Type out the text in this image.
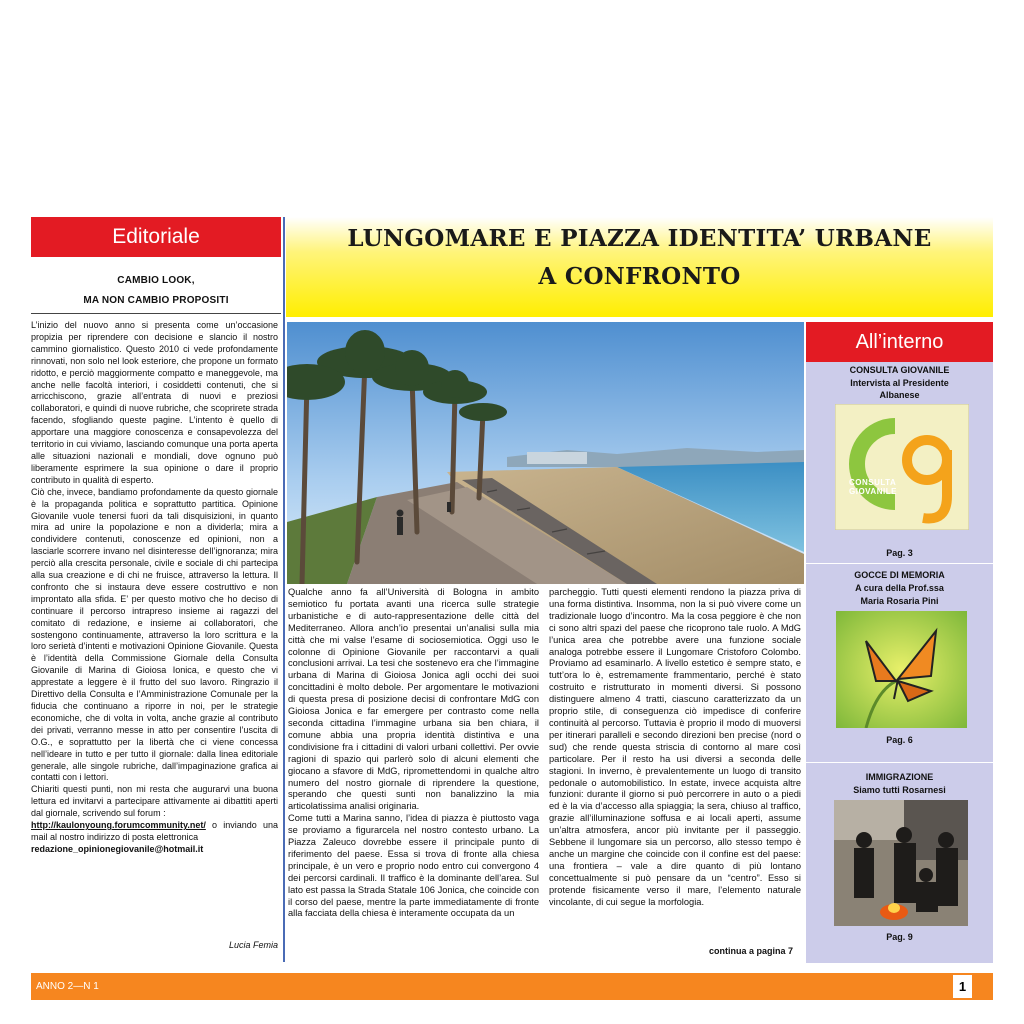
Editoriale
CAMBIO LOOK,
MA NON CAMBIO PROPOSITI

L’inizio del nuovo anno si presenta come un’occasione propizia per riprendere con decisione e slancio il nostro cammino giornalistico. Questo 2010 ci vede profondamente rinnovati, non solo nel look esteriore, che propone un formato ridotto, e perciò maggiormente compatto e maneggevole, ma anche nelle facoltà interiori, i cosiddetti contenuti, che si arricchiscono, grazie all’entrata di nuovi e preziosi collaboratori, e quindi di nuove rubriche, che scoprirete strada facendo, sfogliando queste pagine. L’intento è quello di apportare una maggiore conoscenza e consapevolezza del territorio in cui viviamo, lasciando comunque una porta aperta alle situazioni nazionali e mondiali, dove ognuno può liberamente esprimere la sua opinione o dare il proprio contributo in qualità di esperto.

Ciò che, invece, bandiamo profondamente da questo giornale è la propaganda politica e soprattutto partitica. Opinione Giovanile vuole tenersi fuori da tali disquisizioni, in quanto mira ad unire la popolazione e non a dividerla; mira a condividere contenuti, conoscenze ed opinioni, non a lasciarle scorrere invano nel disinteresse dell’ignoranza; mira perciò alla crescita personale, civile e sociale di chi partecipa alla sua creazione e di chi ne fruisce, attraverso la lettura. Il confronto che si instaura deve essere costruttivo e non improntato alla sfida. E’ per questo motivo che ho deciso di continuare il percorso intrapreso insieme ai ragazzi del comitato di redazione, e insieme ai collaboratori, che sostengono continuamente, attraverso la loro scrittura e la loro serietà d’intenti e motivazioni Opinione Giovanile. Questa è l’identità della Commissione Giornale della Consulta Giovanile di Marina di Gioiosa Ionica, e questo che vi apprestate a leggere è il frutto del suo lavoro. Ringrazio il Direttivo della Consulta e l’Amministrazione Comunale per la fiducia che continuano a riporre in noi, per le strategie economiche, che di volta in volta, anche grazie al contributo dei privati, verranno messe in atto per consentire l’uscita di O.G., e soprattutto per la libertà che ci viene concessa nell’ideare in tutto e per tutto il giornale: dalla linea editoriale generale, alle singole rubriche, dall’impaginazione grafica ai contatti con i lettori.

Chiariti questi punti, non mi resta che augurarvi una buona lettura ed invitarvi a partecipare attivamente ai dibattiti aperti dal giornale, scrivendo sul forum :

http://kaulonyoung.forumcommunity.net/ o inviando una mail al nostro indirizzo di posta elettronica

redazione_opinionegiovanile@hotmail.it

Lucia Femia
LUNGOMARE E PIAZZA IDENTITA’ URBANE
A CONFRONTO

Qualche anno fa all’Università di Bologna in ambito semiotico fu portata avanti una ricerca sulle strategie urbanistiche e di auto-rappresentazione delle città del Mediterraneo. Allora anch’io presentai un’analisi sulla mia città che mi valse l’esame di sociosemiotica. Oggi uso le colonne di Opinione Giovanile per raccontarvi a quali conclusioni arrivai. La tesi che sostenevo era che l’immagine urbana di Marina di Gioiosa Jonica agli occhi dei suoi concittadini è molto debole. Per argomentare le motivazioni di questa presa di posizione decisi di confrontare MdG con Gioiosa Jonica e far emergere per contrasto come nella seconda cittadina l’immagine urbana sia ben chiara, il comune abbia una propria identità distintiva e una condivisione fra i cittadini di valori urbani collettivi. Per ovvie ragioni di spazio qui parlerò solo di alcuni elementi che giocano a sfavore di MdG, ripromettendomi in qualche altro numero del nostro giornale di riprendere la questione, sperando che questi sunti non banalizzino la mia articolatissima analisi originaria.

Come tutti a Marina sanno, l’idea di piazza è piuttosto vaga se proviamo a figurarcela nel nostro contesto urbano. La Piazza Zaleuco dovrebbe essere il principale punto di riferimento del paese. Essa si trova di fronte alla chiesa principale, è un vero e proprio nodo entro cui convergono 4 dei percorsi cardinali. Il traffico è la dominante dell’area. Sul lato est passa la Strada Statale 106 Jonica, che coincide con il corso del paese, mentre la parte immediatamente di fronte alla facciata della chiesa è interamente occupata da un

parcheggio. Tutti questi elementi rendono la piazza priva di una forma distintiva. Insomma, non la si può vivere come un tradizionale luogo d’incontro. Ma la cosa peggiore è che non ci sono altri spazi del paese che ricoprono tale ruolo. A MdG l’unica area che potrebbe avere una funzione sociale analoga potrebbe essere il Lungomare Cristoforo Colombo. Proviamo ad esaminarlo. A livello estetico è sempre stato, e tutt’ora lo è, estremamente frammentario, perché è stato costruito e ristrutturato in momenti diversi. Si possono distinguere almeno 4 tratti, ciascuno caratterizzato da un proprio stile, di conseguenza ciò impedisce di conferire continuità al percorso. Tuttavia è proprio il modo di muoversi per itinerari paralleli e secondo direzioni ben precise (nord o sud) che rende questa striscia di contorno al mare così particolare. Per il resto ha usi diversi a seconda delle stagioni. In inverno, è prevalentemente un luogo di transito pedonale o automobilistico. In estate, invece acquista altre funzioni: durante il giorno si può percorrere in auto o a piedi ed è la via d’accesso alla spiaggia; la sera, chiuso al traffico, grazie all’illuminazione soffusa e ai locali aperti, assume un’altra atmosfera, ancor più invitante per il passeggio. Sebbene il lungomare sia un percorso, allo stesso tempo è anche un margine che coincide con il confine est del paese: una frontiera – vale a dire quanto di più lontano concettualmente si può pensare da un “centro”. Esso si protende fisicamente verso il mare, l’elemento naturale vincolante, di cui segue la morfologia.

continua a pagina 7
All’interno
CONSULTA GIOVANILE
Intervista al Presidente
Albanese
CONSULTA
GIOVANILE
Pag. 3
GOCCE DI MEMORIA
A cura della Prof.ssa
Maria Rosaria Pini
Pag. 6
IMMIGRAZIONE
Siamo tutti Rosarnesi
Pag. 9
ANNO 2—N 1	1
